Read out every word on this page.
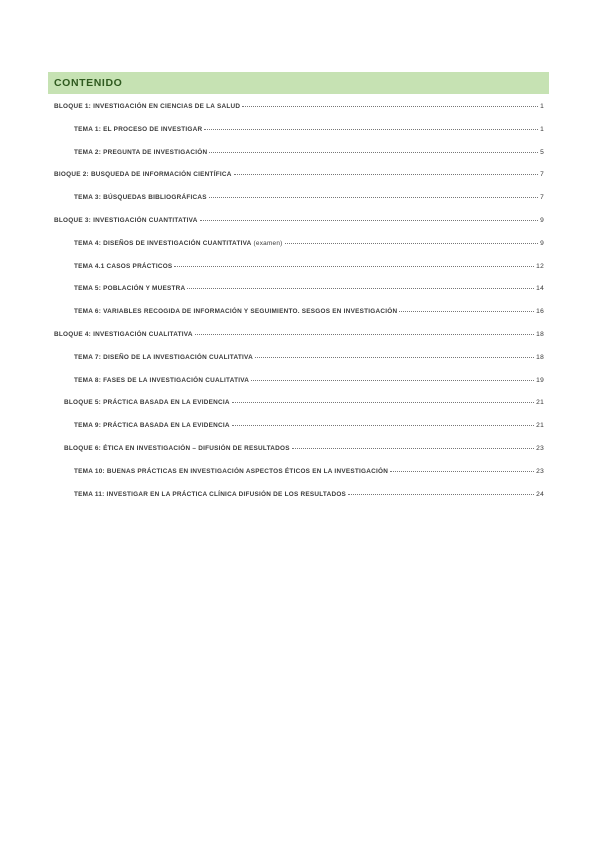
CONTENIDO
BLOQUE 1: INVESTIGACIÓN EN CIENCIAS DE LA SALUD	1
TEMA 1: EL PROCESO DE INVESTIGAR	1
TEMA 2: PREGUNTA DE INVESTIGACIÓN	5
BlOQUE 2: BUSQUEDA DE INFORMACIÓN CIENTÍFICA	7
TEMA 3: BÚSQUEDAS BIBLIOGRÁFICAS	7
BLOQUE 3: INVESTIGACIÓN CUANTITATIVA	9
TEMA 4: DISEÑOS DE INVESTIGACIÓN CUANTITATIVA (examen)	9
TEMA 4.1 CASOS PRÁCTICOS	12
TEMA 5: POBLACIÓN Y MUESTRA	14
TEMA 6: VARIABLES RECOGIDA DE INFORMACIÓN Y SEGUIMIENTO. SESGOS EN INVESTIGACIÓN	16
BLOQUE 4: INVESTIGACIÓN CUALITATIVA	18
TEMA 7: DISEÑO DE LA INVESTIGACIÓN CUALITATIVA	18
TEMA 8: FASES DE LA INVESTIGACIÓN CUALITATIVA	19
BLOQUE 5: PRÁCTICA BASADA EN LA EVIDENCIA	21
TEMA 9: PRÁCTICA BASADA EN LA EVIDENCIA	21
BLOQUE 6: ÉTICA EN INVESTIGACIÓN – DIFUSIÓN DE RESULTADOS	23
TEMA 10: BUENAS PRÁCTICAS EN INVESTIGACIÓN ASPECTOS ÉTICOS EN LA INVESTIGACIÓN	23
TEMA 11: INVESTIGAR EN LA PRÁCTICA CLÍNICA DIFUSIÓN DE LOS RESULTADOS	24
